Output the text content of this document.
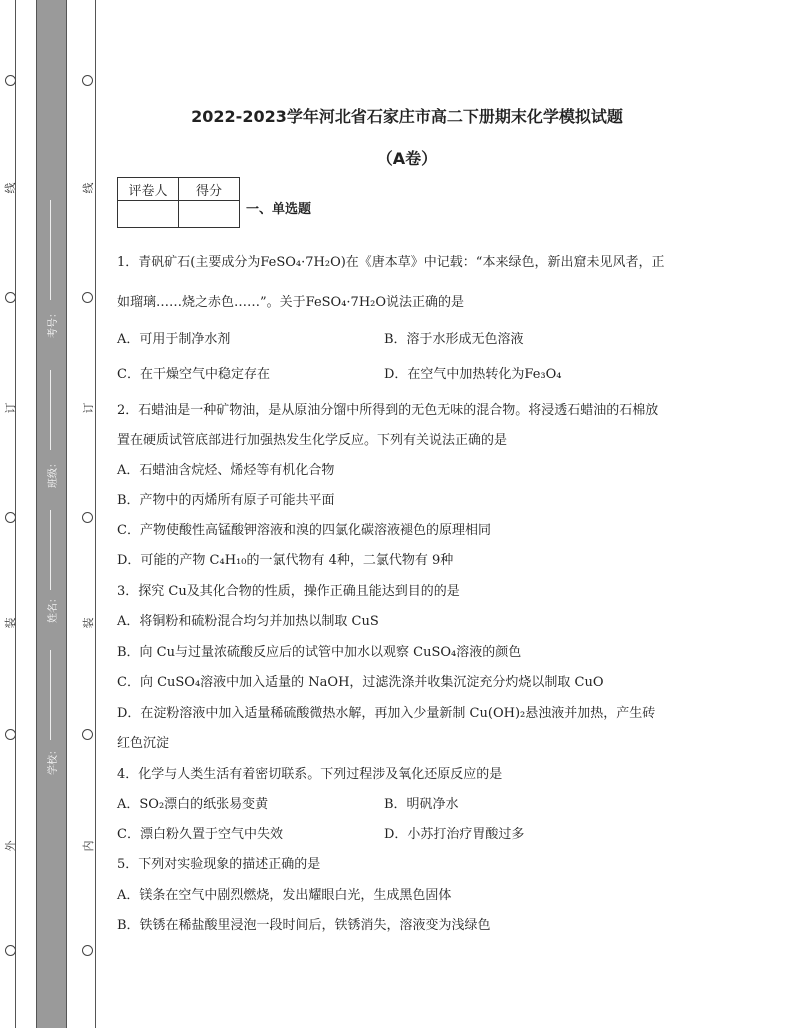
线
订
装
外
线
订
装
内
考号：
班级：
姓名：
学校：
2022-2023学年河北省石家庄市高二下册期末化学模拟试题
（A卷）
评卷人	得分

一、单选题
1．青矾矿石(主要成分为FeSO₄·7H₂O)在《唐本草》中记载：“本来绿色，新出窟未见风者，正
如瑠璃……烧之赤色……”。关于FeSO₄·7H₂O说法正确的是
A．可用于制净水剂	B．溶于水形成无色溶液
C．在干燥空气中稳定存在	D．在空气中加热转化为Fe₃O₄
2．石蜡油是一种矿物油，是从原油分馏中所得到的无色无味的混合物。将浸透石蜡油的石棉放
置在硬质试管底部进行加强热发生化学反应。下列有关说法正确的是
A．石蜡油含烷烃、烯烃等有机化合物
B．产物中的丙烯所有原子可能共平面
C．产物使酸性高锰酸钾溶液和溴的四氯化碳溶液褪色的原理相同
D．可能的产物 C₄H₁₀的一氯代物有 4种，二氯代物有 9种
3．探究 Cu及其化合物的性质，操作正确且能达到目的的是
A．将铜粉和硫粉混合均匀并加热以制取 CuS
B．向 Cu与过量浓硫酸反应后的试管中加水以观察 CuSO₄溶液的颜色
C．向 CuSO₄溶液中加入适量的 NaOH，过滤洗涤并收集沉淀充分灼烧以制取 CuO
D．在淀粉溶液中加入适量稀硫酸微热水解，再加入少量新制 Cu(OH)₂悬浊液并加热，产生砖
红色沉淀
4．化学与人类生活有着密切联系。下列过程涉及氧化还原反应的是
A．SO₂漂白的纸张易变黄	B．明矾净水
C．漂白粉久置于空气中失效	D．小苏打治疗胃酸过多
5．下列对实验现象的描述正确的是
A．镁条在空气中剧烈燃烧，发出耀眼白光，生成黑色固体
B．铁锈在稀盐酸里浸泡一段时间后，铁锈消失，溶液变为浅绿色
